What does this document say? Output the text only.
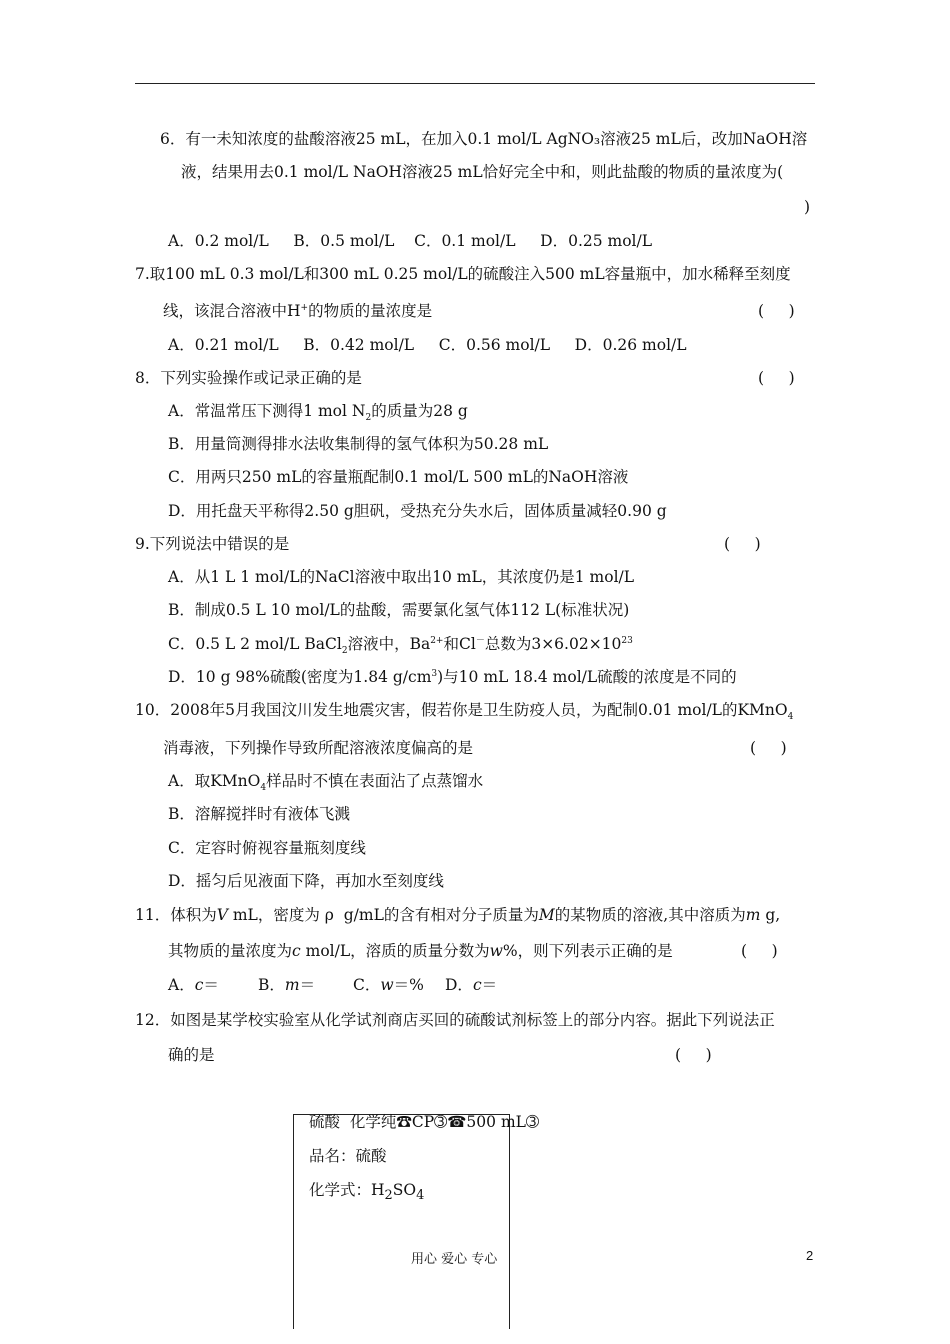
6．有一未知浓度的盐酸溶液25 mL，在加入0.1 mol/L AgNO₃溶液25 mL后，改加NaOH溶
液，结果用去0.1 mol/L NaOH溶液25 mL恰好完全中和，则此盐酸的物质的量浓度为(
)
A．0.2 mol/L     B．0.5 mol/L    C．0.1 mol/L     D．0.25 mol/L
7.取100 mL 0.3 mol/L和300 mL 0.25 mol/L的硫酸注入500 mL容量瓶中，加水稀释至刻度
线，该混合溶液中H+的物质的量浓度是	(     )
A．0.21 mol/L     B．0.42 mol/L     C．0.56 mol/L     D．0.26 mol/L
8．下列实验操作或记录正确的是	(     )
A．常温常压下测得1 mol $N_2$的质量为28 g
B．用量筒测得排水法收集制得的氢气体积为50.28 mL
C．用两只250 mL的容量瓶配制0.1 mol/L 500 mL的NaOH溶液
D．用托盘天平称得2.50 g胆矾，受热充分失水后，固体质量减轻0.90 g
9.下列说法中错误的是	(     )
A．从1 L 1 mol/L的NaCl溶液中取出10 mL，其浓度仍是1 mol/L
B．制成0.5 L 10 mol/L的盐酸，需要氯化氢气体112 L(标准状况)
C．0.5 L 2 mol/L BaCl$_2$溶液中，$Ba^{2+}$和Cl－总数为$3\times 6.02\times 10^{23}$
D．10 g 98%硫酸(密度为1.84 $g/cm^3$)与10 mL 18.4 mol/L硫酸的浓度是不同的
10．2008年5月我国汶川发生地震灾害，假若你是卫生防疫人员，为配制0.01 mol/L的KMnO$_4$
消毒液，下列操作导致所配溶液浓度偏高的是	(     )
A．取KMnO$_4$样品时不慎在表面沾了点蒸馏水
B．溶解搅拌时有液体飞溅
C．定容时俯视容量瓶刻度线
D．摇匀后见液面下降，再加水至刻度线
11．体积为V mL，密度为 ρ  g/mL的含有相对分子质量为M的某物质的溶液,其中溶质为m g,
其物质的量浓度为c mol/L，溶质的质量分数为w%，则下列表示正确的是	(     )
A．c＝	B．m＝ C．w＝% D．c＝
12．如图是某学校实验室从化学试剂商店买回的硫酸试剂标签上的部分内容。据此下列说法正
确的是	(     )
硫酸  化学纯☎CP➂☎500 mL➂
品名：硫酸
化学式：$H_2SO_4$
用心 爱心 专心	2
